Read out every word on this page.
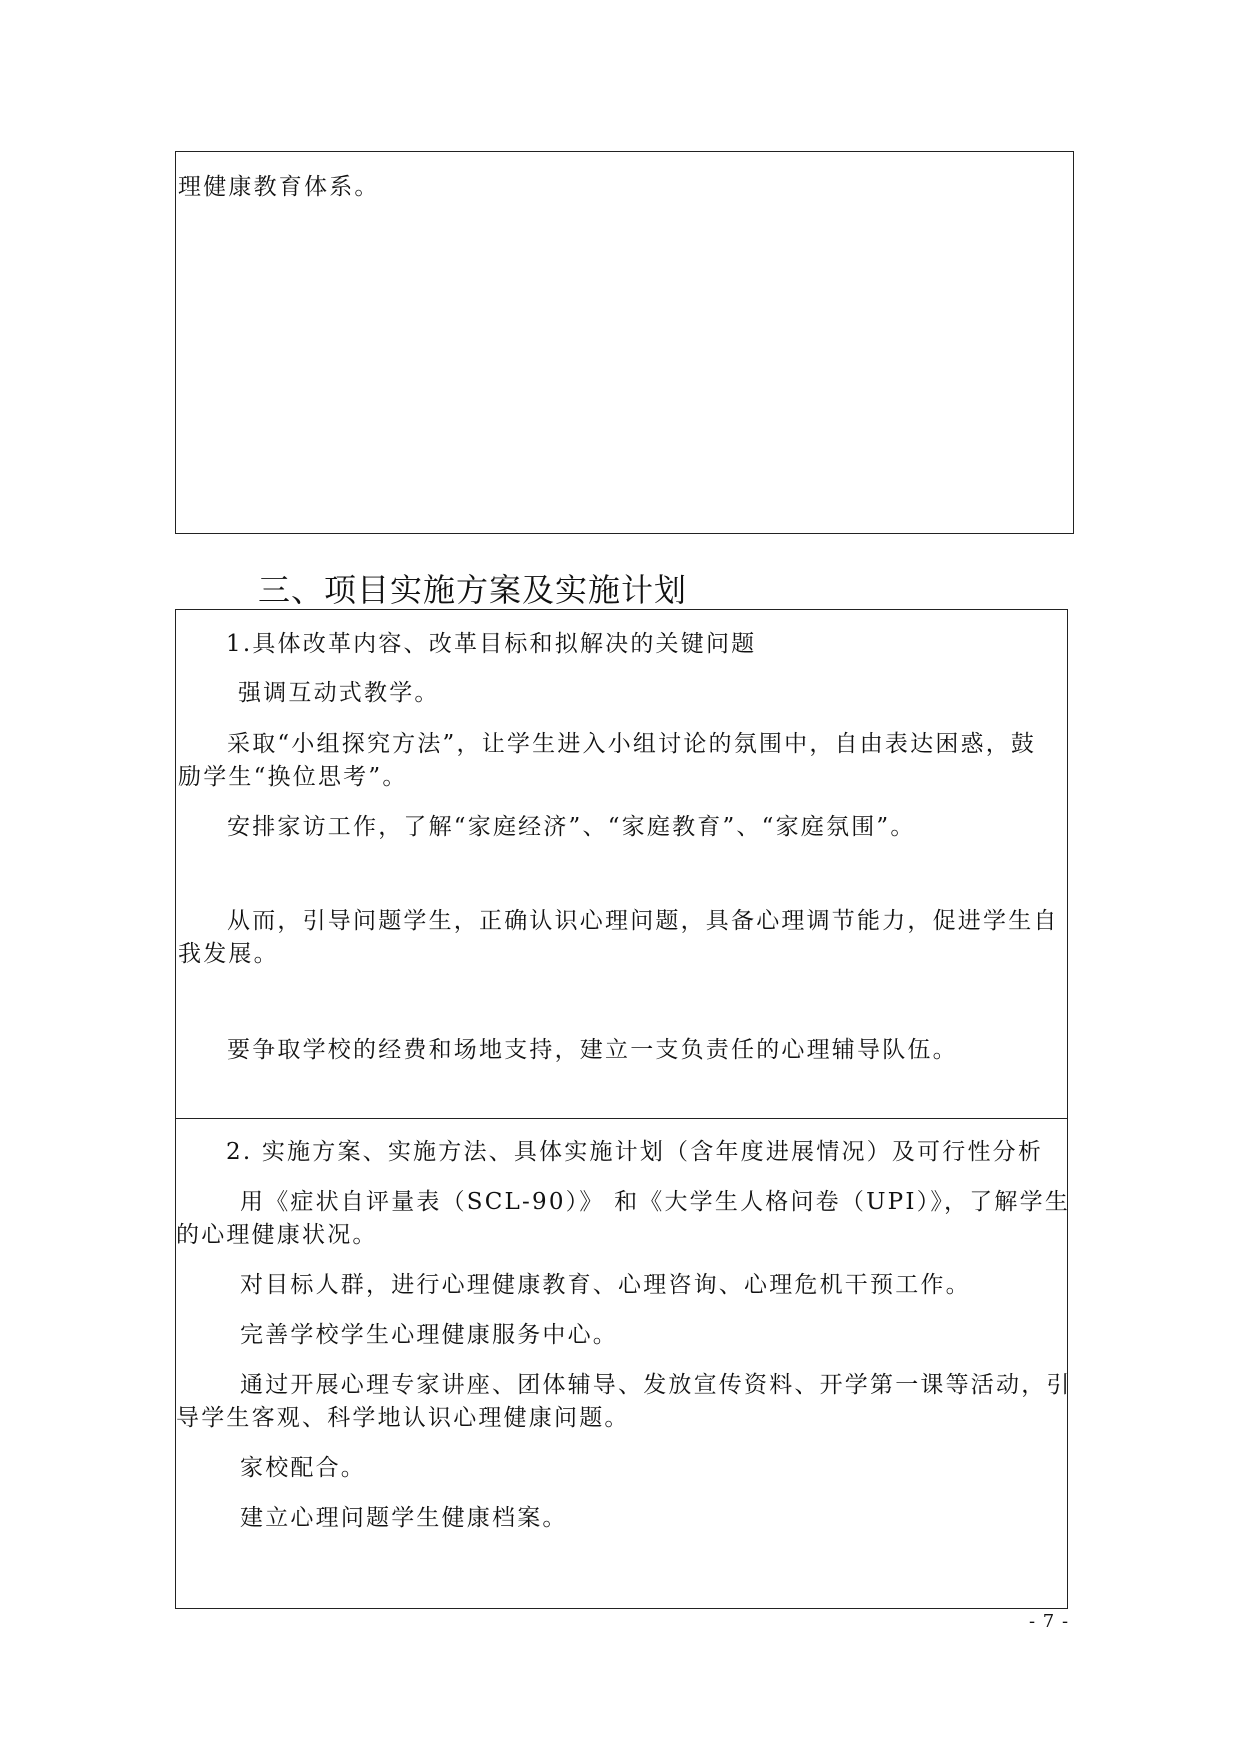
理健康教育体系。
三、项目实施方案及实施计划
1.具体改革内容、改革目标和拟解决的关键问题
强调互动式教学。
采取“小组探究方法”，让学生进入小组讨论的氛围中，自由表达困惑，鼓
励学生“换位思考”。
安排家访工作，了解“家庭经济”、“家庭教育”、“家庭氛围”。
从而，引导问题学生，正确认识心理问题，具备心理调节能力，促进学生自
我发展。
要争取学校的经费和场地支持，建立一支负责任的心理辅导队伍。
2. 实施方案、实施方法、具体实施计划（含年度进展情况）及可行性分析
用《症状自评量表（SCL-90）》 和《大学生人格问卷（UPI）》，了解学生
的心理健康状况。
对目标人群，进行心理健康教育、心理咨询、心理危机干预工作。
完善学校学生心理健康服务中心。
通过开展心理专家讲座、团体辅导、发放宣传资料、开学第一课等活动，引
导学生客观、科学地认识心理健康问题。
家校配合。
建立心理问题学生健康档案。
- 7 -
